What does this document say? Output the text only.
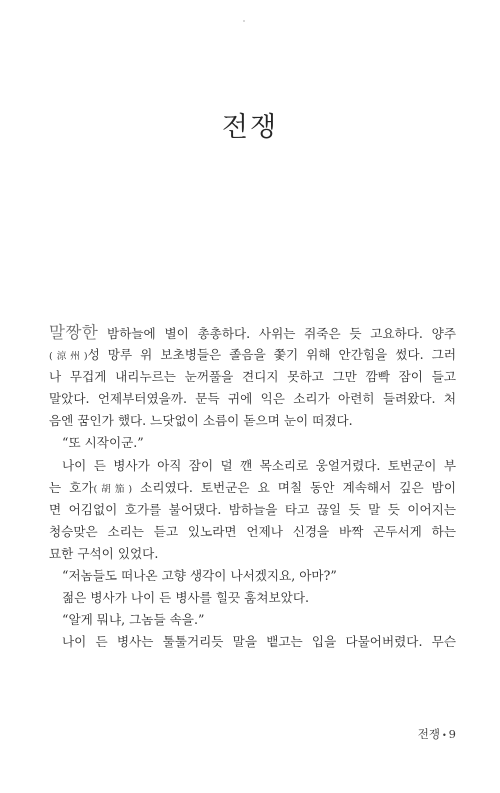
전쟁
말짱한 밤하늘에 별이 총총하다. 사위는 쥐죽은 듯 고요하다. 양주
(涼州)성 망루 위 보초병들은 졸음을 쫓기 위해 안간힘을 썼다. 그러
나 무겁게 내리누르는 눈꺼풀을 견디지 못하고 그만 깜빡 잠이 들고
말았다. 언제부터였을까. 문득 귀에 익은 소리가 아련히 들려왔다. 처
음엔 꿈인가 했다. 느닷없이 소름이 돋으며 눈이 떠졌다.
“또 시작이군.”
나이 든 병사가 아직 잠이 덜 깬 목소리로 웅얼거렸다. 토번군이 부
는 호가(胡笳) 소리였다. 토번군은 요 며칠 동안 계속해서 깊은 밤이
면 어김없이 호가를 불어댔다. 밤하늘을 타고 끊일 듯 말 듯 이어지는
청승맞은 소리는 듣고 있노라면 언제나 신경을 바짝 곤두서게 하는
묘한 구석이 있었다.
“저놈들도 떠나온 고향 생각이 나서겠지요, 아마?”
젊은 병사가 나이 든 병사를 힐끗 훔쳐보았다.
“알게 뭐냐, 그놈들 속을.”
나이 든 병사는 툴툴거리듯 말을 뱉고는 입을 다물어버렸다. 무슨
전쟁 • 9
